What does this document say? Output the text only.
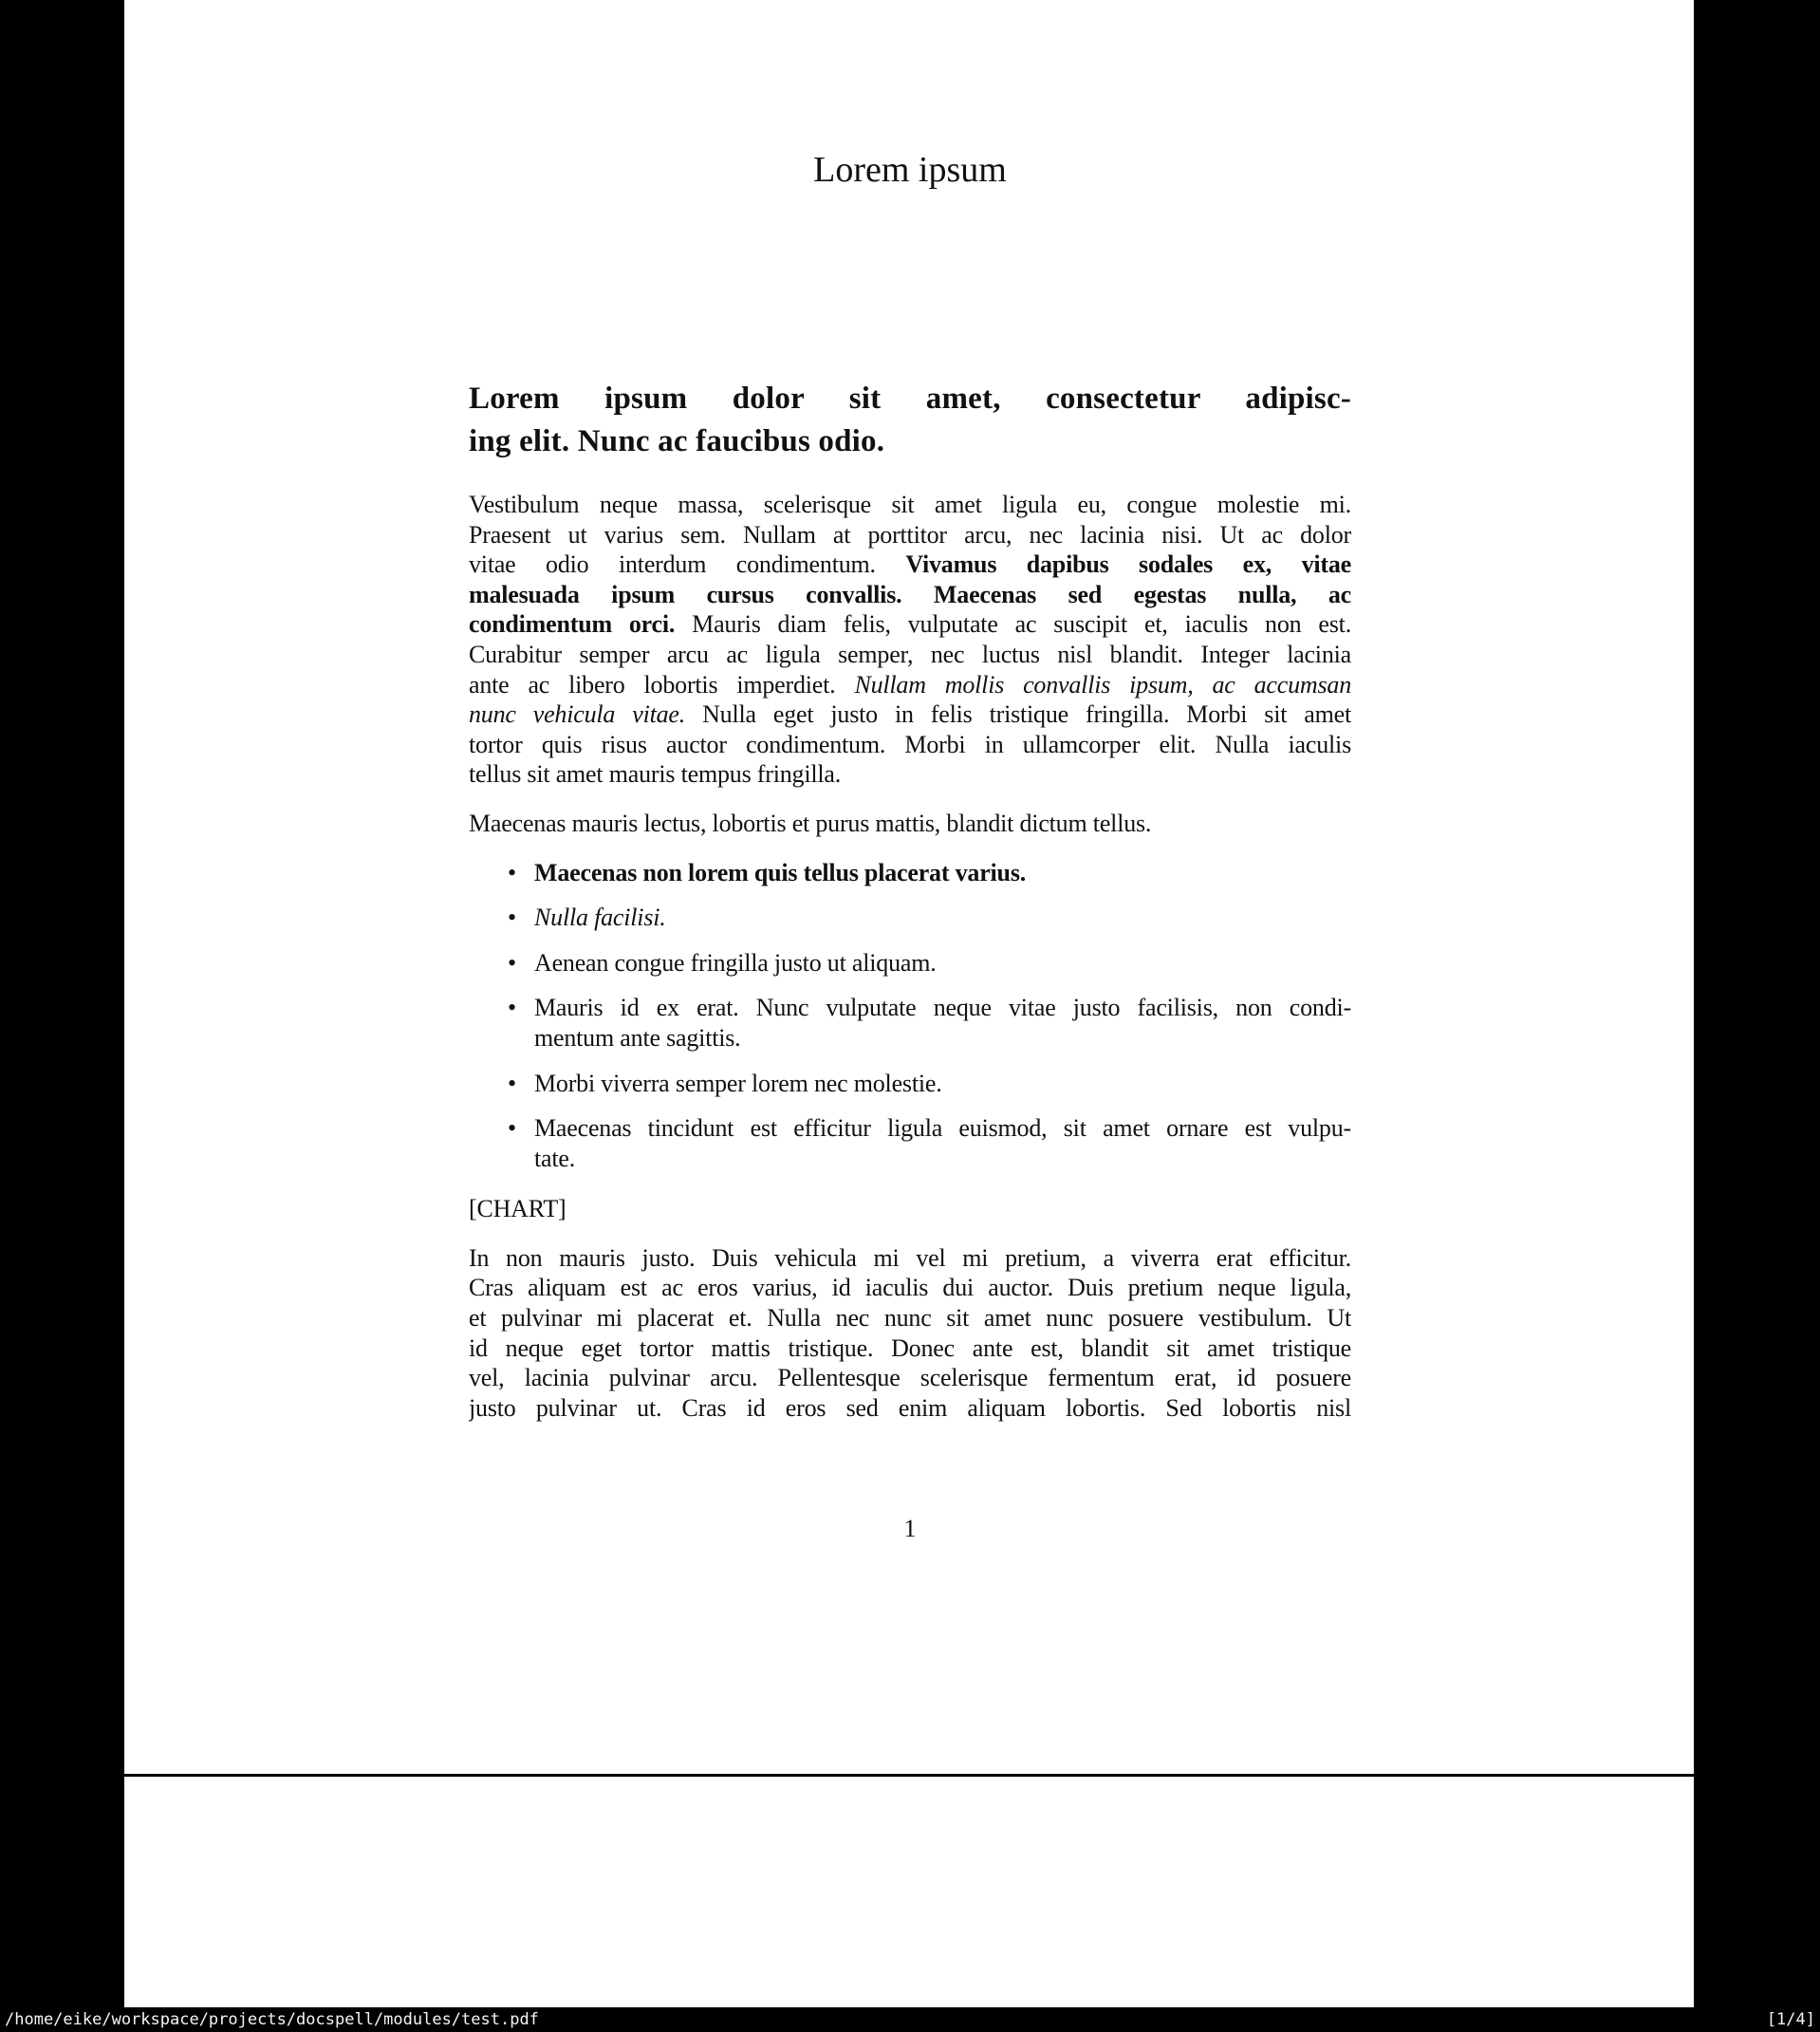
Lorem ipsum
Lorem ipsum dolor sit amet, consectetur adipisc-
ing elit. Nunc ac faucibus odio.
Vestibulum neque massa, scelerisque sit amet ligula eu, congue molestie mi.
Praesent ut varius sem. Nullam at porttitor arcu, nec lacinia nisi. Ut ac dolor
vitae odio interdum condimentum. Vivamus dapibus sodales ex, vitae
malesuada ipsum cursus convallis. Maecenas sed egestas nulla, ac
condimentum orci. Mauris diam felis, vulputate ac suscipit et, iaculis non est.
Curabitur semper arcu ac ligula semper, nec luctus nisl blandit. Integer lacinia
ante ac libero lobortis imperdiet. Nullam mollis convallis ipsum, ac accumsan
nunc vehicula vitae. Nulla eget justo in felis tristique fringilla. Morbi sit amet
tortor quis risus auctor condimentum. Morbi in ullamcorper elit. Nulla iaculis
tellus sit amet mauris tempus fringilla.
Maecenas mauris lectus, lobortis et purus mattis, blandit dictum tellus.
• Maecenas non lorem quis tellus placerat varius.
• Nulla facilisi.
• Aenean congue fringilla justo ut aliquam.
• Mauris id ex erat. Nunc vulputate neque vitae justo facilisis, non condi-
mentum ante sagittis.
• Morbi viverra semper lorem nec molestie.
• Maecenas tincidunt est efficitur ligula euismod, sit amet ornare est vulpu-
tate.
[CHART]
In non mauris justo. Duis vehicula mi vel mi pretium, a viverra erat efficitur.
Cras aliquam est ac eros varius, id iaculis dui auctor. Duis pretium neque ligula,
et pulvinar mi placerat et. Nulla nec nunc sit amet nunc posuere vestibulum. Ut
id neque eget tortor mattis tristique. Donec ante est, blandit sit amet tristique
vel, lacinia pulvinar arcu. Pellentesque scelerisque fermentum erat, id posuere
justo pulvinar ut. Cras id eros sed enim aliquam lobortis. Sed lobortis nisl
1
/home/eike/workspace/projects/docspell/modules/test.pdf	[1/4]
